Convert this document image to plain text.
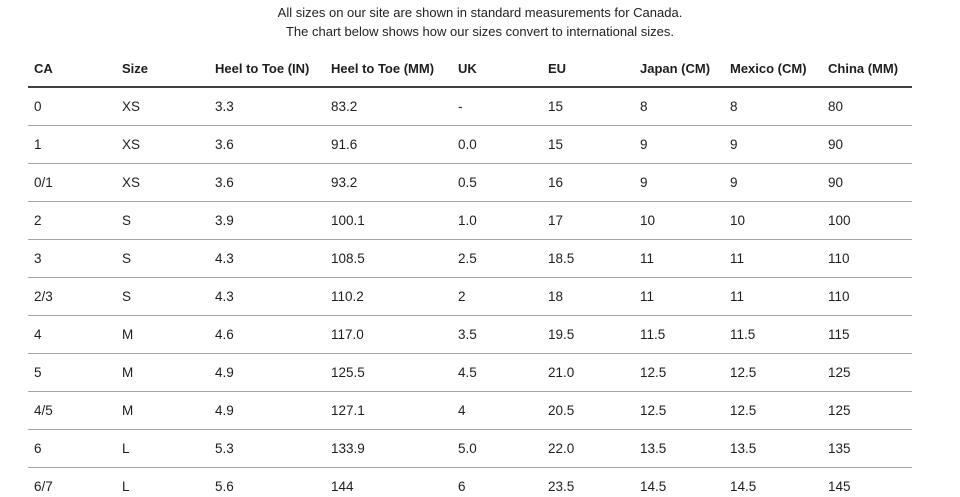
All sizes on our site are shown in standard measurements for Canada.
The chart below shows how our sizes convert to international sizes.
CA	Size	Heel to Toe (IN)	Heel to Toe (MM)	UK	EU	Japan (CM)	Mexico (CM)	China (MM)
0	XS	3.3	83.2	-	15	8	8	80
1	XS	3.6	91.6	0.0	15	9	9	90
0/1	XS	3.6	93.2	0.5	16	9	9	90
2	S	3.9	100.1	1.0	17	10	10	100
3	S	4.3	108.5	2.5	18.5	11	11	110
2/3	S	4.3	110.2	2	18	11	11	110
4	M	4.6	117.0	3.5	19.5	11.5	11.5	115
5	M	4.9	125.5	4.5	21.0	12.5	12.5	125
4/5	M	4.9	127.1	4	20.5	12.5	12.5	125
6	L	5.3	133.9	5.0	22.0	13.5	13.5	135
6/7	L	5.6	144	6	23.5	14.5	14.5	145
